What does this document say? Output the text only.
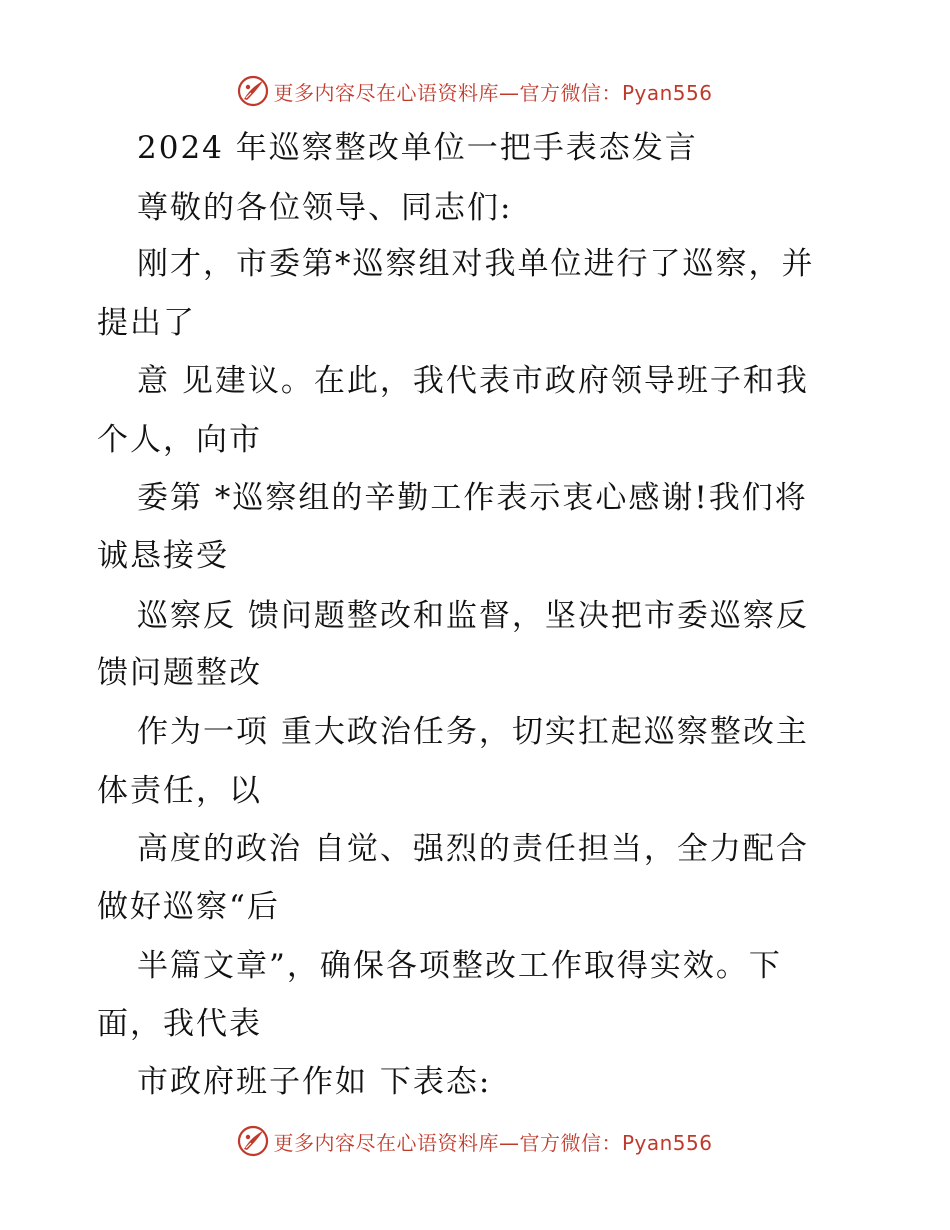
更多内容尽在心语资料库—官方微信：Pyan556
2024 年巡察整改单位一把手表态发言
尊敬的各位领导、同志们:
刚才，市委第*巡察组对我单位进行了巡察，并
提出了
意 见建议。在此，我代表市政府领导班子和我
个人，向市
委第 *巡察组的辛勤工作表示衷心感谢!我们将
诚恳接受
巡察反 馈问题整改和监督，坚决把市委巡察反
馈问题整改
作为一项 重大政治任务，切实扛起巡察整改主
体责任，以
高度的政治 自觉、强烈的责任担当，全力配合
做好巡察“后
半篇文章”，确保各项整改工作取得实效。下
面，我代表
市政府班子作如 下表态:
更多内容尽在心语资料库—官方微信：Pyan556
